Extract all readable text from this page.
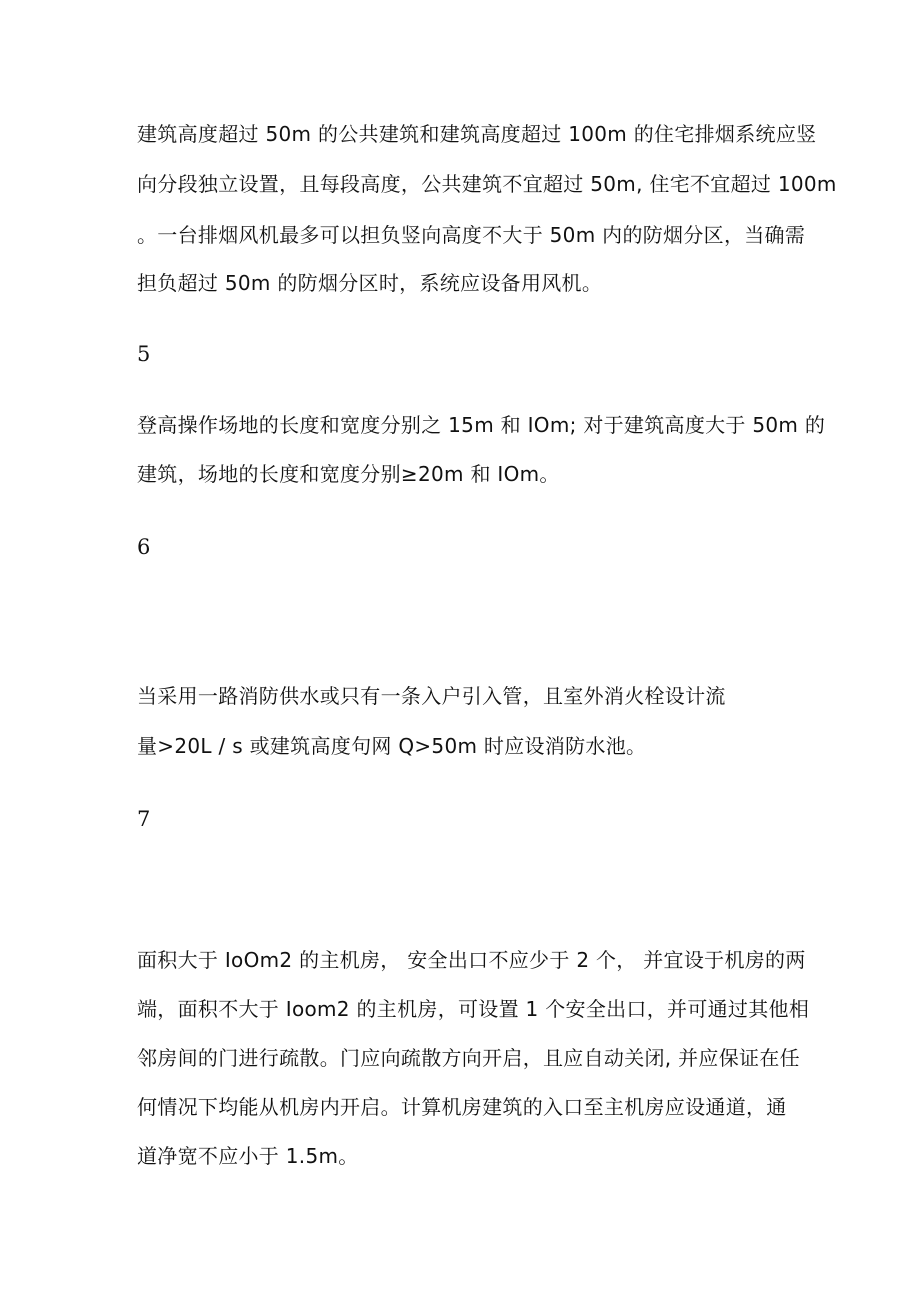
建筑高度超过 50m 的公共建筑和建筑高度超过 100m 的住宅排烟系统应竖
向分段独立设置，且每段高度，公共建筑不宜超过 50m, 住宅不宜超过 100m
。一台排烟风机最多可以担负竖向高度不大于 50m 内的防烟分区，当确需
担负超过 50m 的防烟分区时，系统应设备用风机。
5
登高操作场地的长度和宽度分别之 15m 和 IOm; 对于建筑高度大于 50m 的
建筑，场地的长度和宽度分别≥20m 和 IOm。
6
当采用一路消防供水或只有一条入户引入管，且室外消火栓设计流
量>20L / s 或建筑高度句网 Q>50m 时应设消防水池。
7
面积大于 IoOm2 的主机房， 安全出口不应少于 2 个， 并宜设于机房的两
端，面积不大于 Ioom2 的主机房，可设置 1 个安全出口，并可通过其他相
邻房间的门进行疏散。门应向疏散方向开启，且应自动关闭, 并应保证在任
何情况下均能从机房内开启。计算机房建筑的入口至主机房应设通道，通
道净宽不应小于 1.5m。
